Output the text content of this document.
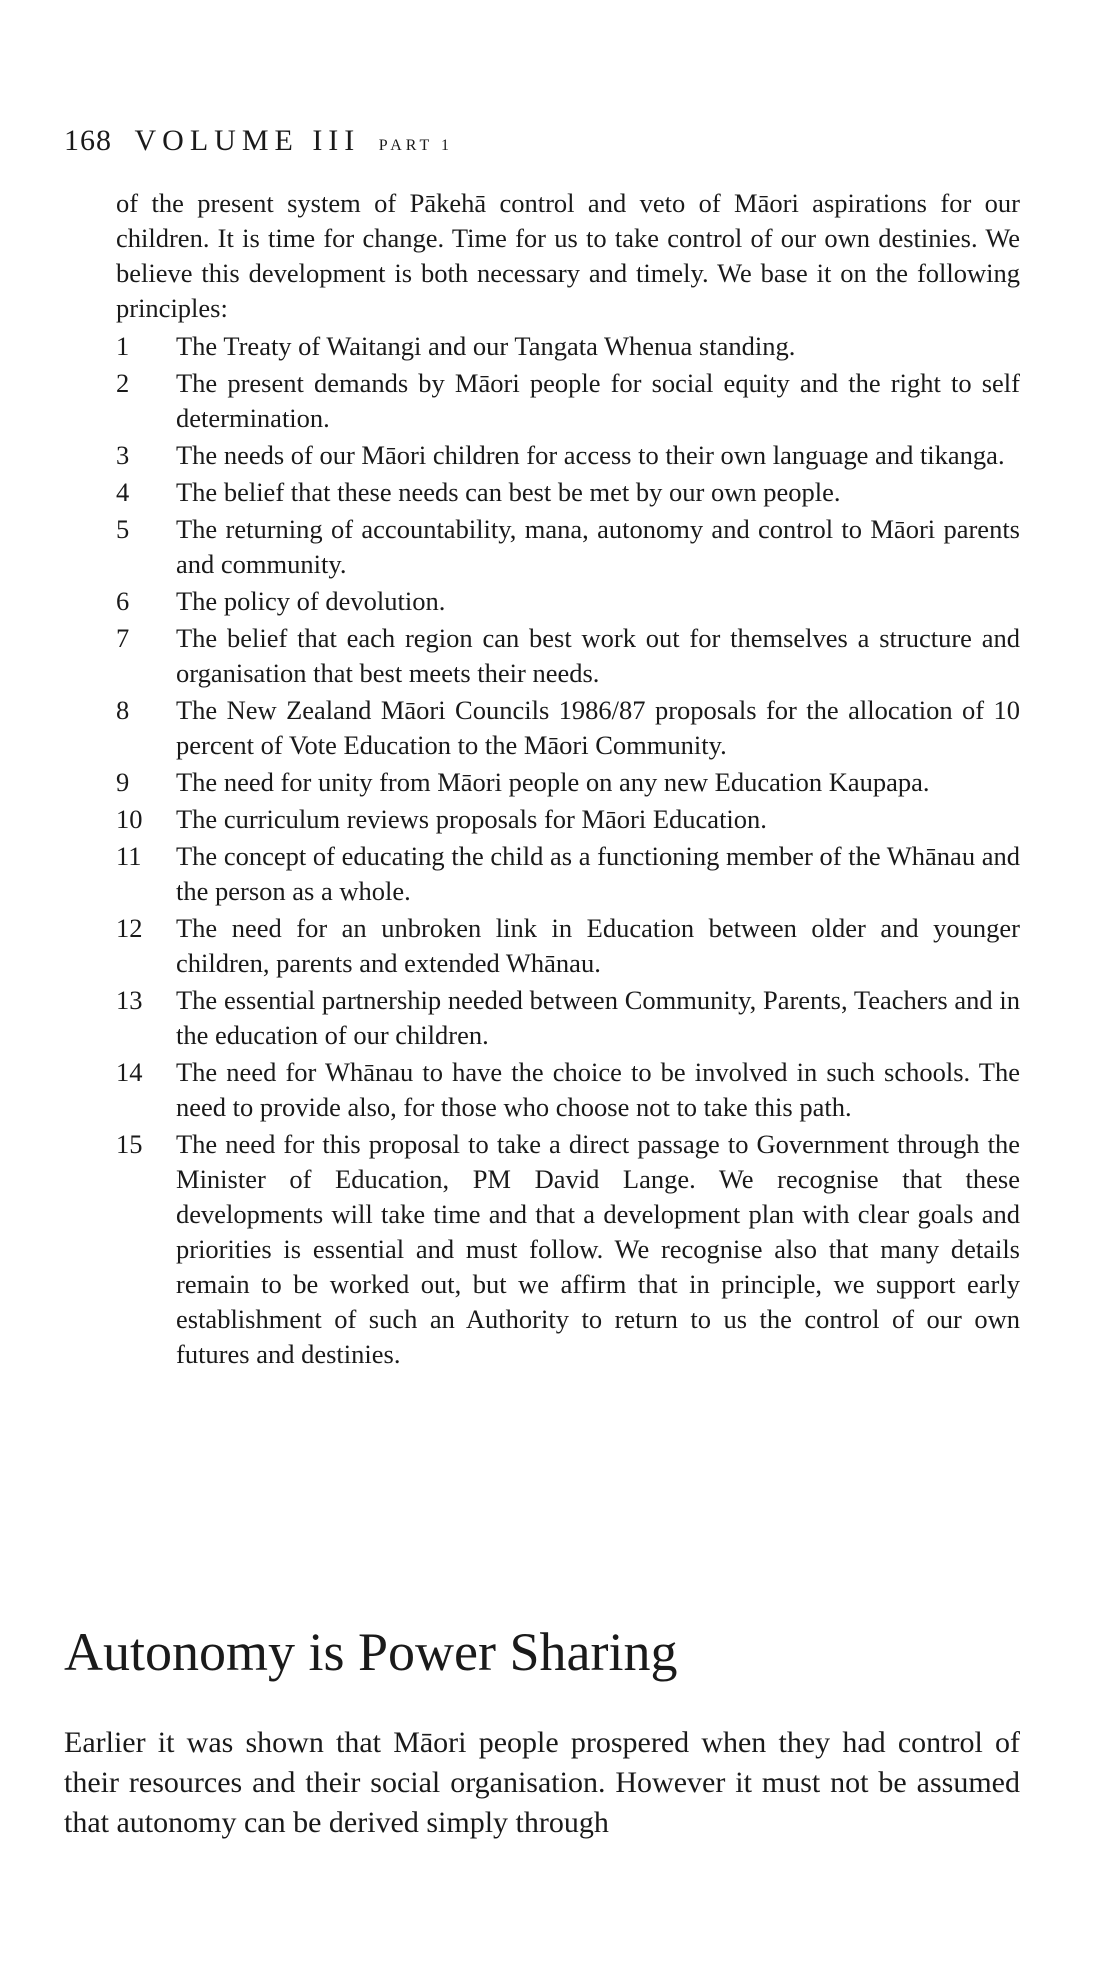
168 VOLUME III PART 1

of the present system of Pākehā control and veto of Māori aspirations for our children. It is time for change. Time for us to take control of our own destinies. We believe this development is both necessary and timely. We base it on the following principles:

1	The Treaty of Waitangi and our Tangata Whenua standing.
2	The present demands by Māori people for social equity and the right to self determination.
3	The needs of our Māori children for access to their own language and tikanga.
4	The belief that these needs can best be met by our own people.
5	The returning of accountability, mana, autonomy and control to Māori parents and community.
6	The policy of devolution.
7	The belief that each region can best work out for themselves a structure and organisation that best meets their needs.
8	The New Zealand Māori Councils 1986/87 proposals for the allocation of 10 percent of Vote Education to the Māori Community.
9	The need for unity from Māori people on any new Education Kaupapa.
10	The curriculum reviews proposals for Māori Education.
11	The concept of educating the child as a functioning member of the Whānau and the person as a whole.
12	The need for an unbroken link in Education between older and younger children, parents and extended Whānau.
13	The essential partnership needed between Community, Parents, Teachers and in the education of our children.
14	The need for Whānau to have the choice to be involved in such schools. The need to provide also, for those who choose not to take this path.
15	The need for this proposal to take a direct passage to Government through the Minister of Education, PM David Lange. We recognise that these developments will take time and that a development plan with clear goals and priorities is essential and must follow. We recognise also that many details remain to be worked out, but we affirm that in principle, we support early establishment of such an Authority to return to us the control of our own futures and destinies.
Autonomy is Power Sharing

Earlier it was shown that Māori people prospered when they had control of their resources and their social organisation. However it must not be assumed that autonomy can be derived simply through
